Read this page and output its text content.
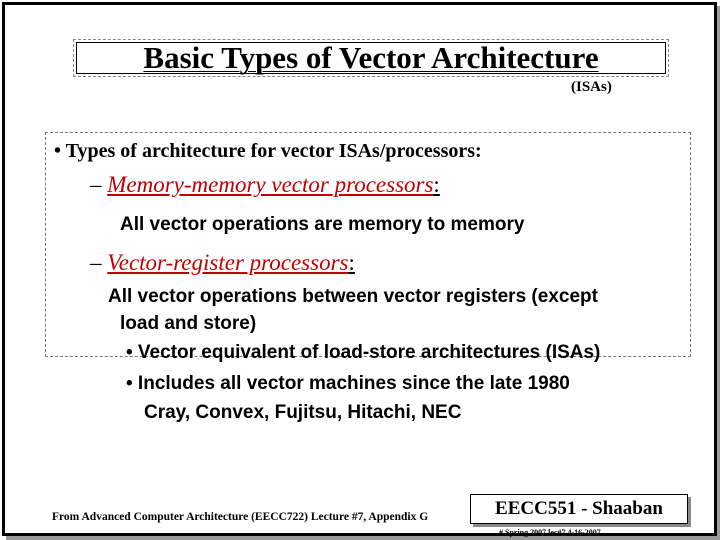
Basic Types of Vector Architecture
(ISAs)
• Types of architecture for vector ISAs/processors:
– Memory-memory vector processors:
All vector operations are memory to memory
– Vector-register processors:
All vector operations between vector registers (except
load and store)
• Vector equivalent of load-store architectures (ISAs)
• Includes all vector machines since the late 1980
Cray, Convex, Fujitsu, Hitachi, NEC
From Advanced Computer Architecture (EECC722) Lecture #7, Appendix G	EECC551 - Shaaban
# Spring 2007 lec#7 4-16-2007
